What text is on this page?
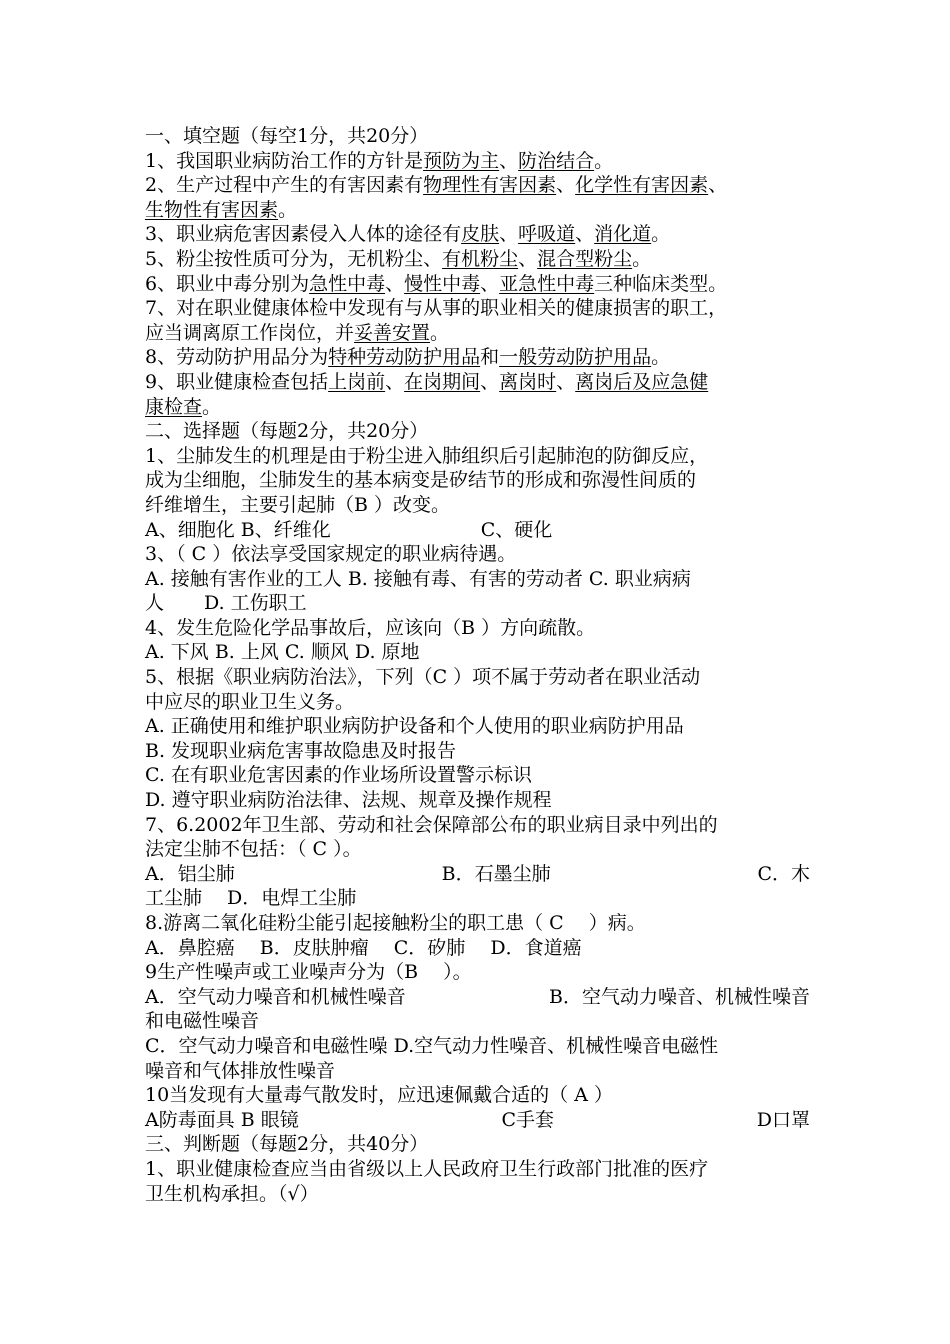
一、填空题（每空1分，共20分）
1、我国职业病防治工作的方针是预防为主、防治结合。
2、生产过程中产生的有害因素有物理性有害因素、化学性有害因素、
生物性有害因素。
3、职业病危害因素侵入人体的途径有皮肤、呼吸道、消化道。
5、粉尘按性质可分为，无机粉尘、有机粉尘、混合型粉尘。
6、职业中毒分别为急性中毒、慢性中毒、亚急性中毒三种临床类型。
7、对在职业健康体检中发现有与从事的职业相关的健康损害的职工，
应当调离原工作岗位，并妥善安置。
8、劳动防护用品分为特种劳动防护用品和一般劳动防护用品。
9、职业健康检查包括上岗前、在岗期间、离岗时、离岗后及应急健
康检查。
二、选择题（每题2分，共20分）
1、尘肺发生的机理是由于粉尘进入肺组织后引起肺泡的防御反应，
成为尘细胞，尘肺发生的基本病变是矽结节的形成和弥漫性间质的
纤维增生，主要引起肺（B ）改变。
A、细胞化 B、纤维化	C、硬化
3、（ C ）依法享受国家规定的职业病待遇。
A. 接触有害作业的工人 B. 接触有毒、有害的劳动者 C. 职业病病
人 D. 工伤职工
4、发生危险化学品事故后，应该向（B ）方向疏散。
A. 下风 B. 上风 C. 顺风 D. 原地
5、根据《职业病防治法》，下列（C ）项不属于劳动者在职业活动
中应尽的职业卫生义务。
A. 正确使用和维护职业病防护设备和个人使用的职业病防护用品
B. 发现职业病危害事故隐患及时报告
C. 在有职业危害因素的作业场所设置警示标识
D. 遵守职业病防治法律、法规、规章及操作规程
7、6.2002年卫生部、劳动和社会保障部公布的职业病目录中列出的
法定尘肺不包括：（ C ）。
A．铝尘肺	B．石墨尘肺	C．木
工尘肺　 D．电焊工尘肺
8.游离二氧化硅粉尘能引起接触粉尘的职工患（ C　 ）病。
A．鼻腔癌　 B．皮肤肿瘤　 C．矽肺　 D．食道癌
9生产性噪声或工业噪声分为（B　 ）。
A．空气动力噪音和机械性噪音	B．空气动力噪音、机械性噪音
和电磁性噪音
C．空气动力噪音和电磁性噪 D.空气动力性噪音、机械性噪音电磁性
噪音和气体排放性噪音
10当发现有大量毒气散发时，应迅速佩戴合适的（ A ）
A防毒面具 B 眼镜	C手套	D口罩
三、判断题（每题2分，共40分）
1、职业健康检查应当由省级以上人民政府卫生行政部门批准的医疗
卫生机构承担。（√）
